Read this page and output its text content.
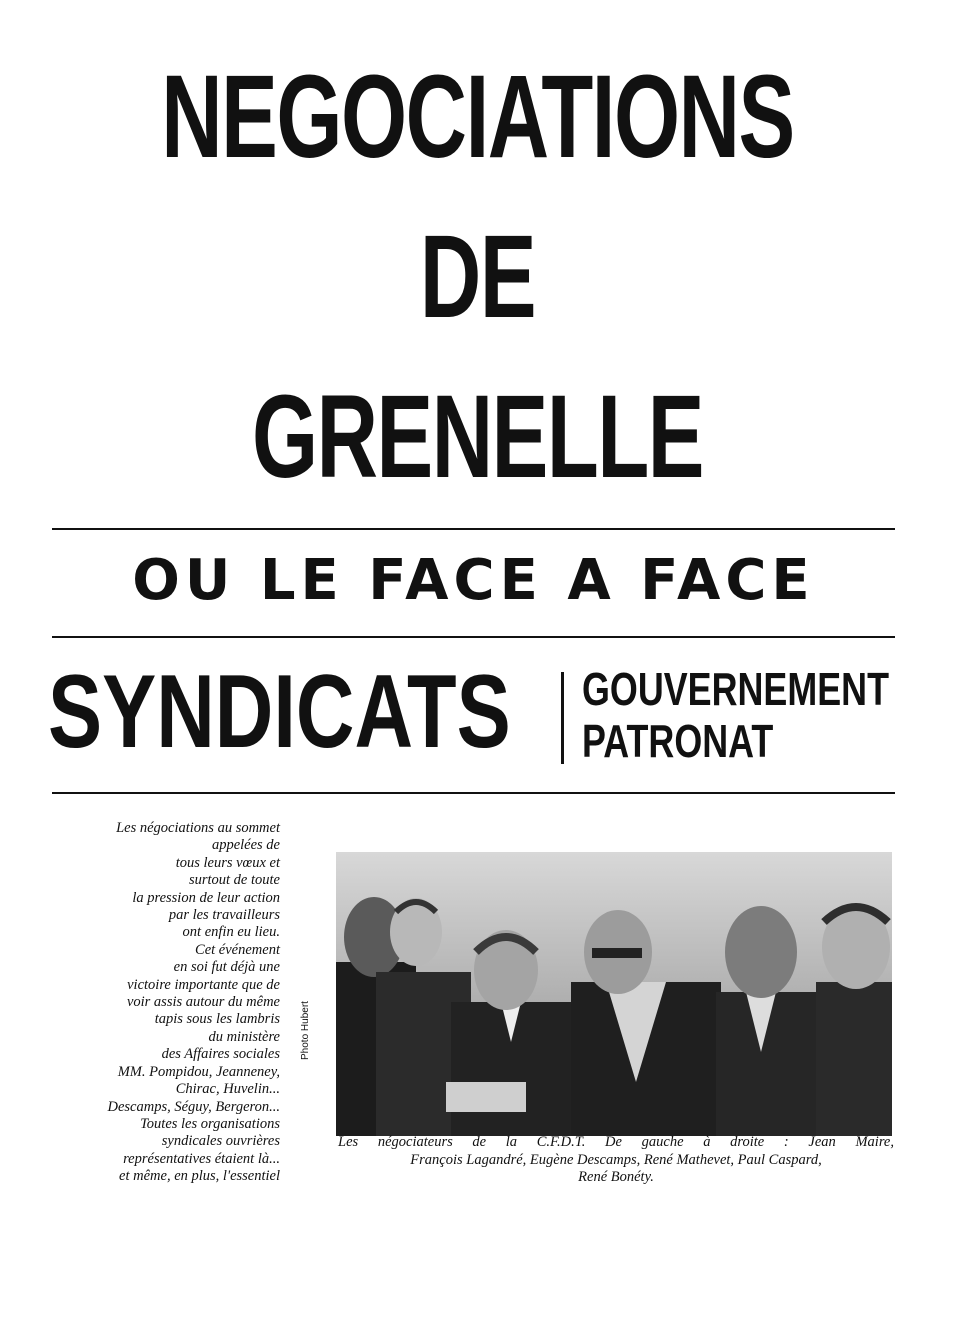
NEGOCIATIONS
DE
GRENELLE
OU LE FACE A FACE
SYNDICATS GOUVERNEMENT
PATRONAT
Les négociations au sommet
appelées de
tous leurs vœux et
surtout de toute
la pression de leur action
par les travailleurs
ont enfin eu lieu.
Cet événement
en soi fut déjà une
victoire importante que de
voir assis autour du même
tapis sous les lambris
du ministère
des Affaires sociales
MM. Pompidou, Jeanneney,
Chirac, Huvelin...
Descamps, Séguy, Bergeron...
Toutes les organisations
syndicales ouvrières
représentatives étaient là...
et même, en plus, l'essentiel
Photo Hubert
Les négociateurs de la C.F.D.T. De gauche à droite : Jean Maire,
François Lagandré, Eugène Descamps, René Mathevet, Paul Caspard,
René Bonéty.
